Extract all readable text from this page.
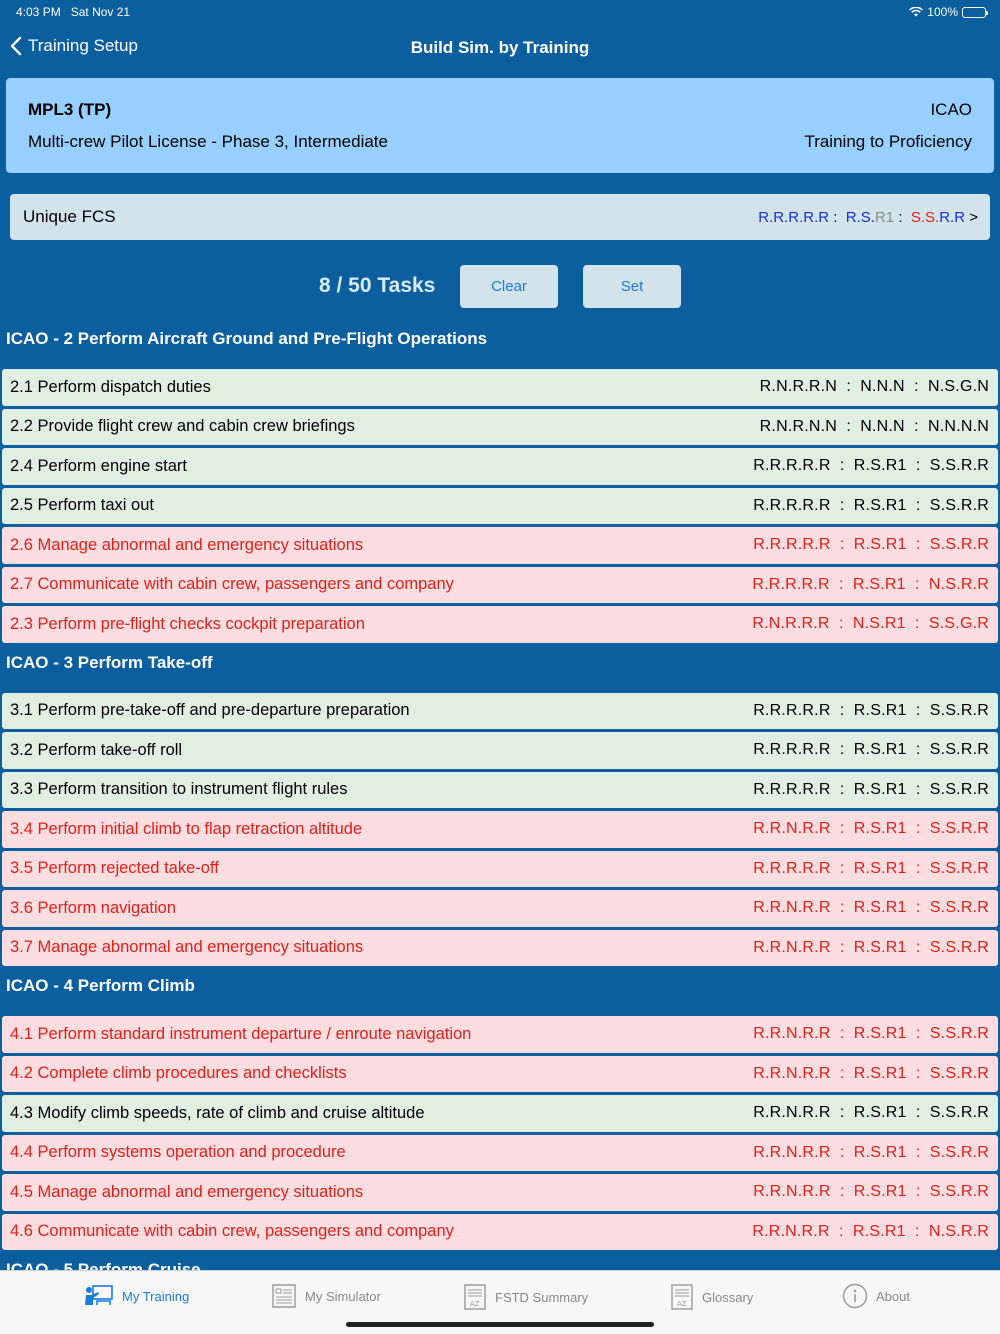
4:03 PM Sat Nov 21	100%
Training Setup	Build Sim. by Training
MPL3 (TP)	ICAO
Multi-crew Pilot License - Phase 3, Intermediate	Training to Proficiency
Unique FCS	R.R.R.R.R : R.S.R1 : S.S.R.R >
8 / 50 Tasks	Clear	Set
ICAO - 2 Perform Aircraft Ground and Pre-Flight Operations
2.1 Perform dispatch duties	R.N.R.R.N  :  N.N.N  :  N.S.G.N
2.2 Provide flight crew and cabin crew briefings	R.N.R.N.N  :  N.N.N  :  N.N.N.N
2.4 Perform engine start	R.R.R.R.R  :  R.S.R1  :  S.S.R.R
2.5 Perform taxi out	R.R.R.R.R  :  R.S.R1  :  S.S.R.R
2.6 Manage abnormal and emergency situations	R.R.R.R.R  :  R.S.R1  :  S.S.R.R
2.7 Communicate with cabin crew, passengers and company	R.R.R.R.R  :  R.S.R1  :  N.S.R.R
2.3 Perform pre-flight checks cockpit preparation	R.N.R.R.R  :  N.S.R1  :  S.S.G.R
ICAO - 3 Perform Take-off
3.1 Perform pre-take-off and pre-departure preparation	R.R.R.R.R  :  R.S.R1  :  S.S.R.R
3.2 Perform take-off roll	R.R.R.R.R  :  R.S.R1  :  S.S.R.R
3.3 Perform transition to instrument flight rules	R.R.R.R.R  :  R.S.R1  :  S.S.R.R
3.4 Perform initial climb to flap retraction altitude	R.R.N.R.R  :  R.S.R1  :  S.S.R.R
3.5 Perform rejected take-off	R.R.R.R.R  :  R.S.R1  :  S.S.R.R
3.6 Perform navigation	R.R.N.R.R  :  R.S.R1  :  S.S.R.R
3.7 Manage abnormal and emergency situations	R.R.N.R.R  :  R.S.R1  :  S.S.R.R
ICAO - 4 Perform Climb
4.1 Perform standard instrument departure / enroute navigation	R.R.N.R.R  :  R.S.R1  :  S.S.R.R
4.2 Complete climb procedures and checklists	R.R.N.R.R  :  R.S.R1  :  S.S.R.R
4.3 Modify climb speeds, rate of climb and cruise altitude	R.R.N.R.R  :  R.S.R1  :  S.S.R.R
4.4 Perform systems operation and procedure	R.R.N.R.R  :  R.S.R1  :  S.S.R.R
4.5 Manage abnormal and emergency situations	R.R.N.R.R  :  R.S.R1  :  S.S.R.R
4.6 Communicate with cabin crew, passengers and company	R.R.N.R.R  :  R.S.R1  :  N.S.R.R
My Training	My Simulator
AZ FSTD Summary	AZ Glossary	About
